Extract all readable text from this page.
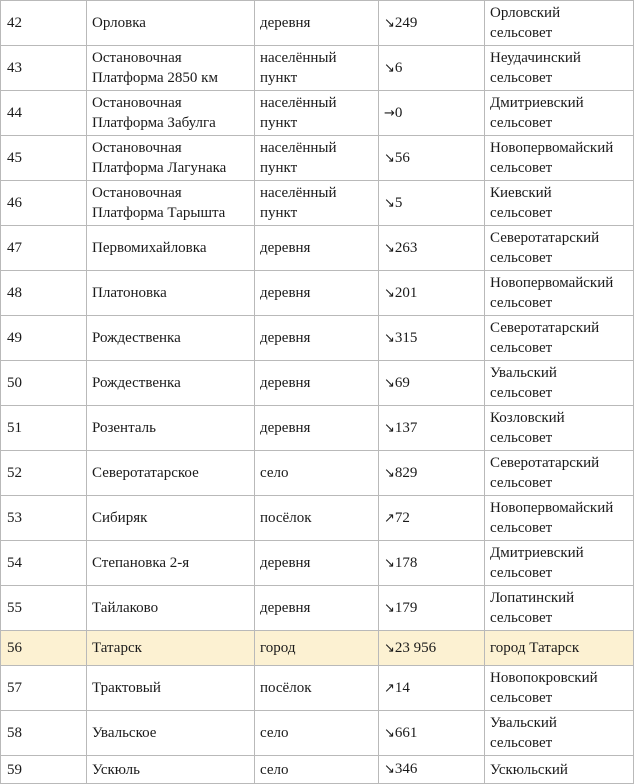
42	Орловка	деревня	↘249	Орловский
сельсовет
43	Остановочная
Платформа 2850 км	населённый
пункт	↘6	Неудачинский
сельсовет
44	Остановочная
Платформа Забулга	населённый
пункт	→0	Дмитриевский
сельсовет
45	Остановочная
Платформа Лагунака	населённый
пункт	↘56	Новопервомайский
сельсовет
46	Остановочная
Платформа Тарыштa	населённый
пункт	↘5	Киевский
сельсовет
47	Первомихайловка	деревня	↘263	Северотатарский
сельсовет
48	Платоновка	деревня	↘201	Новопервомайский
сельсовет
49	Рождественка	деревня	↘315	Северотатарский
сельсовет
50	Рождественка	деревня	↘69	Увальский
сельсовет
51	Розенталь	деревня	↘137	Козловский
сельсовет
52	Северотатарское	село	↘829	Северотатарский
сельсовет
53	Сибиряк	посёлок	↗72	Новопервомайский
сельсовет
54	Степановка 2-я	деревня	↘178	Дмитриевский
сельсовет
55	Тайлаково	деревня	↘179	Лопатинский
сельсовет
56	Татарск	город	↘23 956	город Татарск
57	Трактовый	посёлок	↗14	Новопокровский
сельсовет
58	Увальское	село	↘661	Увальский
сельсовет
59	Ускюль	село	↘346	Ускюльский
